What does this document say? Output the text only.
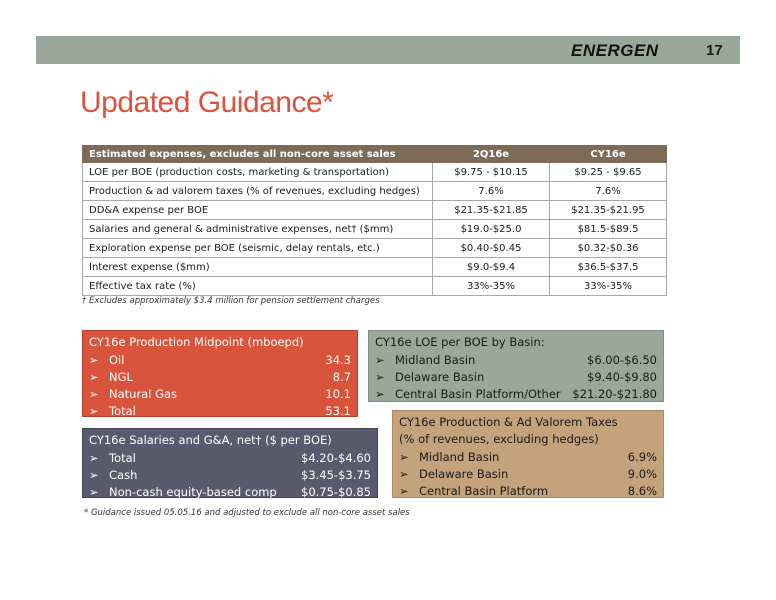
ENERGEN	17
Updated Guidance*
Estimated expenses, excludes all non-core asset sales	2Q16e	CY16e
LOE per BOE (production costs, marketing & transportation)	$9.75 - $10.15	$9.25 - $9.65
Production & ad valorem taxes (% of revenues, excluding hedges)	7.6%	7.6%
DD&A expense per BOE	$21.35-$21.85	$21.35-$21.95
Salaries and general & administrative expenses, net† ($mm)	$19.0-$25.0	$81.5-$89.5
Exploration expense per BOE (seismic, delay rentals, etc.)	$0.40-$0.45	$0.32-$0.36
Interest expense ($mm)	$9.0-$9.4	$36.5-$37.5
Effective tax rate (%)	33%-35%	33%-35%
† Excludes approximately $3.4 million for pension settlement charges
CY16e Production Midpoint (mboepd)
➢ Oil	34.3
➢ NGL	8.7
➢ Natural Gas	10.1
➢ Total	53.1
CY16e LOE per BOE by Basin:
➢ Midland Basin	$6.00-$6.50
➢ Delaware Basin	$9.40-$9.80
➢ Central Basin Platform/Other	$21.20-$21.80
CY16e Salaries and G&A, net† ($ per BOE)
➢ Total	$4.20-$4.60
➢ Cash	$3.45-$3.75
➢ Non-cash equity-based comp	$0.75-$0.85
CY16e Production & Ad Valorem Taxes
(% of revenues, excluding hedges)
➢ Midland Basin	6.9%
➢ Delaware Basin	9.0%
➢ Central Basin Platform	8.6%
* Guidance issued 05.05.16 and adjusted to exclude all non-core asset sales
